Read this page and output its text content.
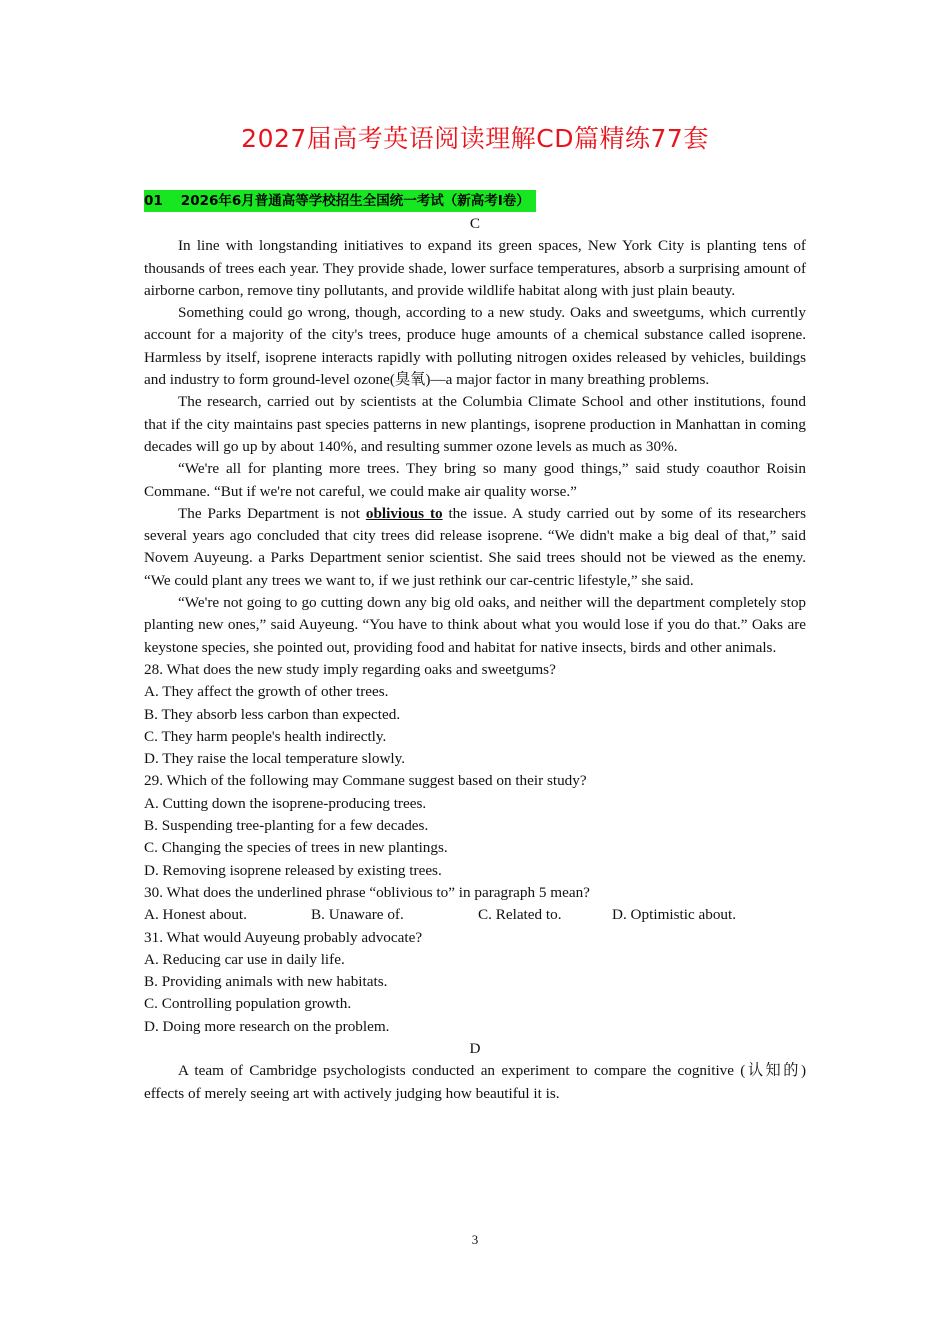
2027届高考英语阅读理解CD篇精练77套
01 2026年6月普通高等学校招生全国统一考试（新高考I卷）
C

In line with longstanding initiatives to expand its green spaces, New York City is planting tens of thousands of trees each year. They provide shade, lower surface temperatures, absorb a surprising amount of airborne carbon, remove tiny pollutants, and provide wildlife habitat along with just plain beauty.

Something could go wrong, though, according to a new study. Oaks and sweetgums, which currently account for a majority of the city's trees, produce huge amounts of a chemical substance called isoprene. Harmless by itself, isoprene interacts rapidly with polluting nitrogen oxides released by vehicles, buildings and industry to form ground-level ozone(臭氧)—a major factor in many breathing problems.

The research, carried out by scientists at the Columbia Climate School and other institutions, found that if the city maintains past species patterns in new plantings, isoprene production in Manhattan in coming decades will go up by about 140%, and resulting summer ozone levels as much as 30%.

“We're all for planting more trees. They bring so many good things,” said study coauthor Roisin Commane. “But if we're not careful, we could make air quality worse.”

The Parks Department is not oblivious to the issue. A study carried out by some of its researchers several years ago concluded that city trees did release isoprene. “We didn't make a big deal of that,” said Novem Auyeung. a Parks Department senior scientist. She said trees should not be viewed as the enemy. “We could plant any trees we want to, if we just rethink our car-centric lifestyle,” she said.

“We're not going to go cutting down any big old oaks, and neither will the department completely stop planting new ones,” said Auyeung. “You have to think about what you would lose if you do that.” Oaks are keystone species, she pointed out, providing food and habitat for native insects, birds and other animals.

28. What does the new study imply regarding oaks and sweetgums?

A. They affect the growth of other trees.

B. They absorb less carbon than expected.

C. They harm people's health indirectly.

D. They raise the local temperature slowly.

29. Which of the following may Commane suggest based on their study?

A. Cutting down the isoprene-producing trees.

B. Suspending tree-planting for a few decades.

C. Changing the species of trees in new plantings.

D. Removing isoprene released by existing trees.

30. What does the underlined phrase “oblivious to” in paragraph 5 mean?

A. Honest about.	B. Unaware of.	C. Related to.	D. Optimistic about.

31. What would Auyeung probably advocate?

A. Reducing car use in daily life.

B. Providing animals with new habitats.

C. Controlling population growth.

D. Doing more research on the problem.

D

A team of Cambridge psychologists conducted an experiment to compare the cognitive (认知的) effects of merely seeing art with actively judging how beautiful it is.

3
